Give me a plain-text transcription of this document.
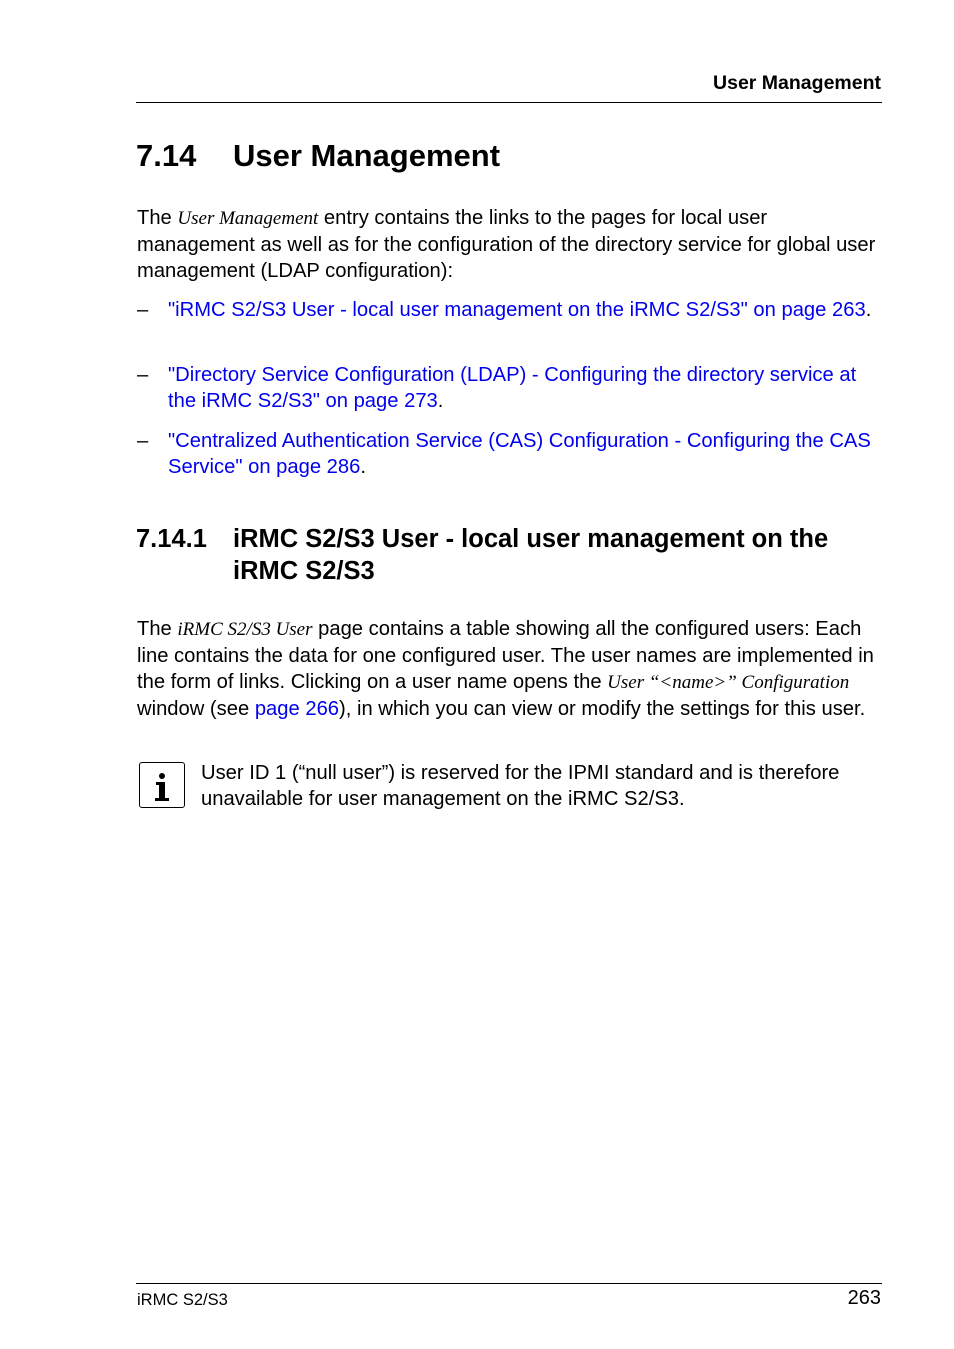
User Management
7.14 User Management

The User Management entry contains the links to the pages for local user management as well as for the configuration of the directory service for global user management (LDAP configuration):

– "iRMC S2/S3 User - local user management on the iRMC S2/S3" on page 263.
– "Directory Service Configuration (LDAP) - Configuring the directory service at the iRMC S2/S3" on page 273.
– "Centralized Authentication Service (CAS) Configuration - Configuring the CAS Service" on page 286.
7.14.1 iRMC S2/S3 User - local user management on the iRMC S2/S3

The iRMC S2/S3 User page contains a table showing all the configured users: Each line contains the data for one configured user. The user names are implemented in the form of links. Clicking on a user name opens the User “<name>” Configuration window (see page 266), in which you can view or modify the settings for this user.

User ID 1 (“null user”) is reserved for the IPMI standard and is therefore unavailable for user management on the iRMC S2/S3.
iRMC S2/S3	263
